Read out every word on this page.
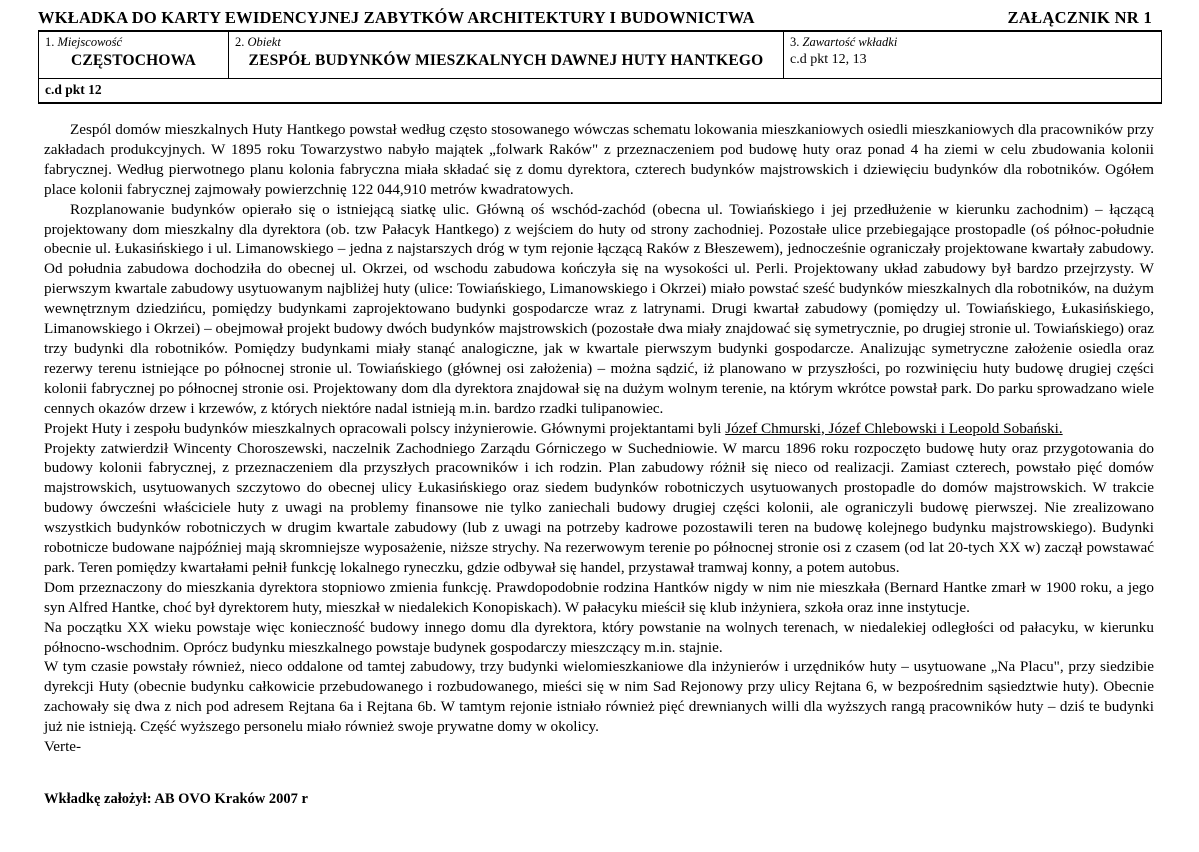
WKŁADKA DO KARTY EWIDENCYJNEJ ZABYTKÓW ARCHITEKTURY I BUDOWNICTWA	ZAŁĄCZNIK NR 1
1. Miejscowość
CZĘSTOCHOWA
2. Obiekt
ZESPÓŁ BUDYNKÓW MIESZKALNYCH DAWNEJ HUTY HANTKEGO
3. Zawartość wkładki
c.d pkt 12, 13
c.d pkt 12

Zespól domów mieszkalnych Huty Hantkego powstał według często stosowanego wówczas schematu lokowania mieszkaniowych osiedli mieszkaniowych dla pracowników przy zakładach produkcyjnych. W 1895 roku Towarzystwo nabyło majątek „folwark Raków" z przeznaczeniem pod budowę huty oraz ponad 4 ha ziemi w celu zbudowania kolonii fabrycznej. Według pierwotnego planu kolonia fabryczna miała składać się z domu dyrektora, czterech budynków majstrowskich i dziewięciu budynków dla robotników. Ogółem place kolonii fabrycznej zajmowały powierzchnię 122 044,910 metrów kwadratowych.

Rozplanowanie budynków opierało się o istniejącą siatkę ulic. Główną oś wschód-zachód (obecna ul. Towiańskiego i jej przedłużenie w kierunku zachodnim) – łączącą projektowany dom mieszkalny dla dyrektora (ob. tzw Pałacyk Hantkego) z wejściem do huty od strony zachodniej. Pozostałe ulice przebiegające prostopadle (oś północ-południe obecnie ul. Łukasińskiego i ul. Limanowskiego – jedna z najstarszych dróg w tym rejonie łączącą Raków z Błeszewem), jednocześnie ograniczały projektowane kwartały zabudowy. Od południa zabudowa dochodziła do obecnej ul. Okrzei, od wschodu zabudowa kończyła się na wysokości ul. Perli. Projektowany układ zabudowy był bardzo przejrzysty. W pierwszym kwartale zabudowy usytuowanym najbliżej huty (ulice: Towiańskiego, Limanowskiego i Okrzei) miało powstać sześć budynków mieszkalnych dla robotników, na dużym wewnętrznym dziedzińcu, pomiędzy budynkami zaprojektowano budynki gospodarcze wraz z latrynami. Drugi kwartał zabudowy (pomiędzy ul. Towiańskiego, Łukasińskiego, Limanowskiego i Okrzei) – obejmował projekt budowy dwóch budynków majstrowskich (pozostałe dwa miały znajdować się symetrycznie, po drugiej stronie ul. Towiańskiego) oraz trzy budynki dla robotników. Pomiędzy budynkami miały stanąć analogiczne, jak w kwartale pierwszym budynki gospodarcze. Analizując symetryczne założenie osiedla oraz rezerwy terenu istniejące po północnej stronie ul. Towiańskiego (głównej osi założenia) – można sądzić, iż planowano w przyszłości, po rozwinięciu huty budowę drugiej części kolonii fabrycznej po północnej stronie osi. Projektowany dom dla dyrektora znajdował się na dużym wolnym terenie, na którym wkrótce powstał park. Do parku sprowadzano wiele cennych okazów drzew i krzewów, z których niektóre nadal istnieją m.in. bardzo rzadki tulipanowiec.

Projekt Huty i zespołu budynków mieszkalnych opracowali polscy inżynierowie. Głównymi projektantami byli Józef Chmurski, Józef Chlebowski i Leopold Sobański.

Projekty zatwierdził Wincenty Choroszewski, naczelnik Zachodniego Zarządu Górniczego w Suchedniowie. W marcu 1896 roku rozpoczęto budowę huty oraz przygotowania do budowy kolonii fabrycznej, z przeznaczeniem dla przyszłych pracowników i ich rodzin. Plan zabudowy różnił się nieco od realizacji. Zamiast czterech, powstało pięć domów majstrowskich, usytuowanych szczytowo do obecnej ulicy Łukasińskiego oraz siedem budynków robotniczych usytuowanych prostopadle do domów majstrowskich. W trakcie budowy ówcześni właściciele huty z uwagi na problemy finansowe nie tylko zaniechali budowy drugiej części kolonii, ale ograniczyli budowę pierwszej. Nie zrealizowano wszystkich budynków robotniczych w drugim kwartale zabudowy (lub z uwagi na potrzeby kadrowe pozostawili teren na budowę kolejnego budynku majstrowskiego). Budynki robotnicze budowane najpóźniej mają skromniejsze wyposażenie, niższe strychy. Na rezerwowym terenie po północnej stronie osi z czasem (od lat 20-tych XX w) zaczął powstawać park. Teren pomiędzy kwartałami pełnił funkcję lokalnego ryneczku, gdzie odbywał się handel, przystawał tramwaj konny, a potem autobus.

Dom przeznaczony do mieszkania dyrektora stopniowo zmienia funkcję. Prawdopodobnie rodzina Hantków nigdy w nim nie mieszkała (Bernard Hantke zmarł w 1900 roku, a jego syn Alfred Hantke, choć był dyrektorem huty, mieszkał w niedalekich Konopiskach). W pałacyku mieścił się klub inżyniera, szkoła oraz inne instytucje.

Na początku XX wieku powstaje więc konieczność budowy innego domu dla dyrektora, który powstanie na wolnych terenach, w niedalekiej odległości od pałacyku, w kierunku północno-wschodnim. Oprócz budynku mieszkalnego powstaje budynek gospodarczy mieszczący m.in. stajnie.

W tym czasie powstały również, nieco oddalone od tamtej zabudowy, trzy budynki wielomieszkaniowe dla inżynierów i urzędników huty – usytuowane „Na Placu", przy siedzibie dyrekcji Huty (obecnie budynku całkowicie przebudowanego i rozbudowanego, mieści się w nim Sad Rejonowy przy ulicy Rejtana 6, w bezpośrednim sąsiedztwie huty). Obecnie zachowały się dwa z nich pod adresem Rejtana 6a i Rejtana 6b. W tamtym rejonie istniało również pięć drewnianych willi dla wyższych rangą pracowników huty – dziś te budynki już nie istnieją. Część wyższego personelu miało również swoje prywatne domy w okolicy.

Verte-

Wkładkę założył: AB OVO Kraków 2007 r
